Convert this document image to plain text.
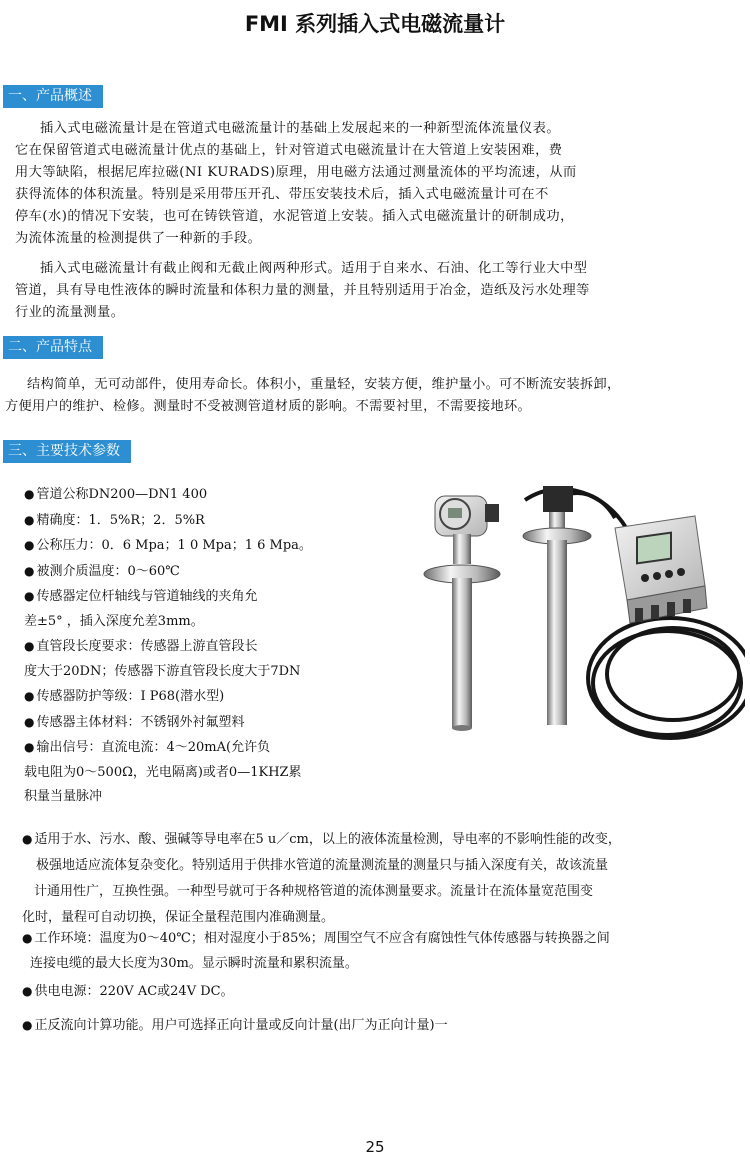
FMI 系列插入式电磁流量计
一、产品概述
插入式电磁流量计是在管道式电磁流量计的基础上发展起来的一种新型流体流量仪表。
它在保留管道式电磁流量计优点的基础上，针对管道式电磁流量计在大管道上安装困难，费
用大等缺陷，根据尼库拉磁(NI KURADS)原理，用电磁方法通过测量流体的平均流速，从而
获得流体的体积流量。特别是采用带压开孔、带压安装技术后，插入式电磁流量计可在不
停车(水)的情况下安装，也可在铸铁管道，水泥管道上安装。插入式电磁流量计的研制成功，
为流体流量的检测提供了一种新的手段。
插入式电磁流量计有截止阀和无截止阀两种形式。适用于自来水、石油、化工等行业大中型
管道，具有导电性液体的瞬时流量和体积力量的测量，并且特别适用于冶金，造纸及污水处理等
行业的流量测量。
二、产品特点
结构简单，无可动部件，使用寿命长。体积小，重量轻，安装方便，维护量小。可不断流安装拆卸，
方便用户的维护、检修。测量时不受被测管道材质的影响。不需要衬里，不需要接地环。
三、主要技术参数
● 管道公称DN200—DN1 400
● 精确度：1．5%R；2．5%R
● 公称压力：0．6 Mpa；1 0 Mpa；1 6 Mpa。
● 被测介质温度：0～60℃
● 传感器定位杆轴线与管道轴线的夹角允
差±5° ，插入深度允差3mm。
● 直管段长度要求：传感器上游直管段长
度大于20DN；传感器下游直管段长度大于7DN
● 传感器防护等级：I P68(潜水型)
● 传感器主体材料：不锈钢外衬氟塑料
● 输出信号：直流电流：4～20mA(允许负
载电阻为0～500Ω，光电隔离)或者0—1KHZ累
积量当量脉冲
● 适用于水、污水、酸、强碱等导电率在5 u／cm，以上的液体流量检测，导电率的不影响性能的改变，
极强地适应流体复杂变化。特别适用于供排水管道的流量测流量的测量只与插入深度有关，故该流量
计通用性广，互换性强。一种型号就可于各种规格管道的流体测量要求。流量计在流体量宽范围变
化时，量程可自动切换，保证全量程范围内准确测量。
● 工作环境：温度为0～40℃；相对湿度小于85%；周围空气不应含有腐蚀性气体传感器与转换器之间
连接电缆的最大长度为30m。显示瞬时流量和累积流量。
● 供电电源：220V AC或24V DC。
● 正反流向计算功能。用户可选择正向计量或反向计量(出厂为正向计量)一
25
